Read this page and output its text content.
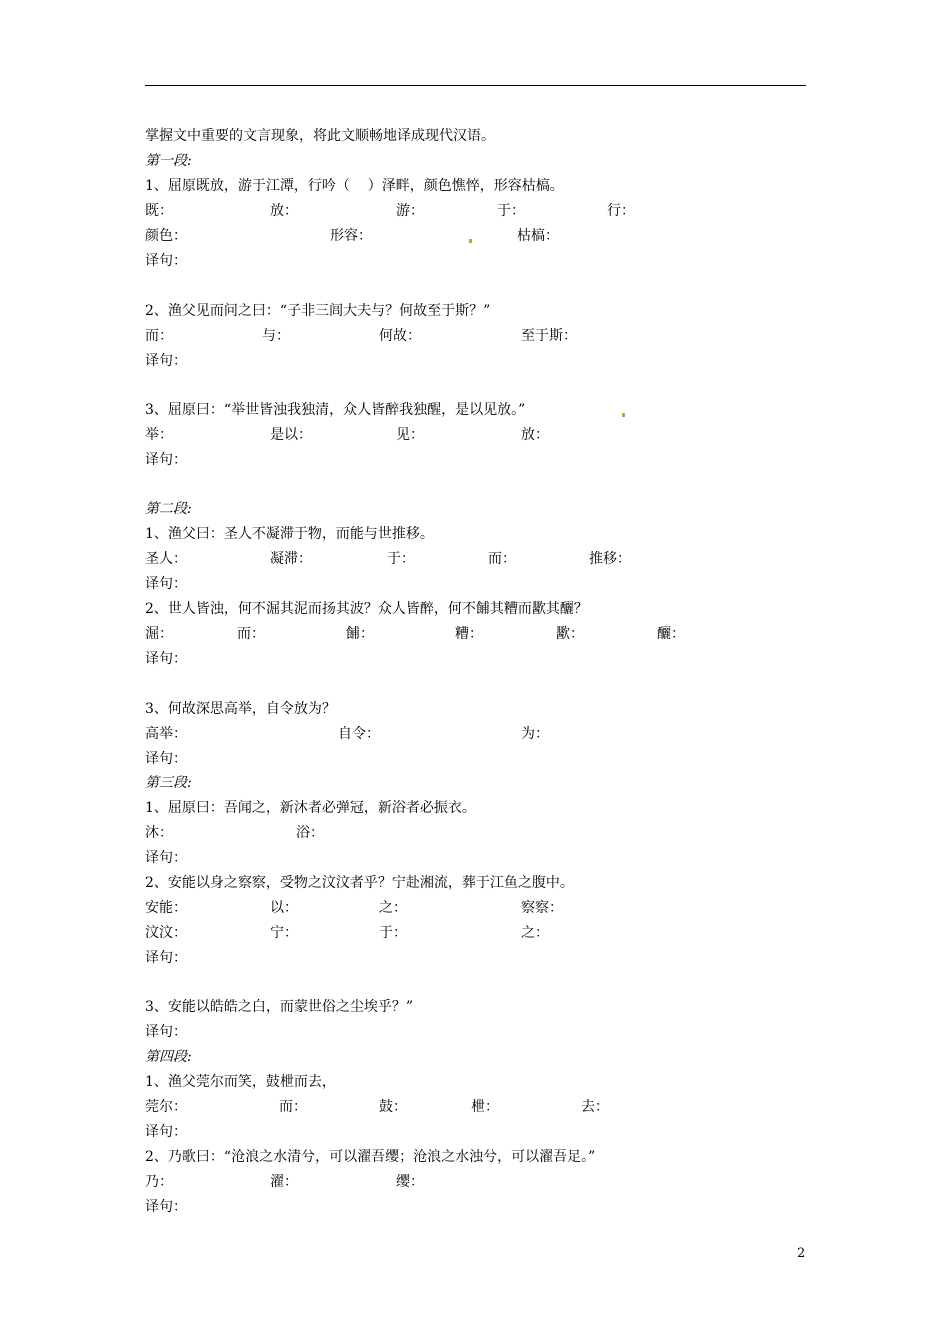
掌握文中重要的文言现象，将此文顺畅地译成现代汉语。
第一段:
1、屈原既放，游于江潭，行吟（    ）泽畔，颜色憔悴，形容枯槁。
既：	放：	游：	于：	行：
颜色：	形容：	枯槁：
译句：
2、渔父见而问之曰：“子非三闾大夫与？何故至于斯？”
而：	与：	何故：	至于斯：
译句：
3、屈原曰：“举世皆浊我独清，众人皆醉我独醒，是以见放。”
举：	是以：	见：	放：
译句：
第二段:
1、渔父曰：圣人不凝滞于物，而能与世推移。
圣人：	凝滞：	于：	而：	推移：
译句：
2、世人皆浊，何不淈其泥而扬其波？众人皆醉，何不餔其糟而歠其釃？
淈：	而：	餔：	糟：	歠：	釃：
译句：
3、何故深思高举，自令放为？
高举：	自令：	为：
译句：
第三段:
1、屈原曰：吾闻之，新沐者必弹冠，新浴者必振衣。
沐：	浴：
译句：
2、安能以身之察察，受物之汶汶者乎？宁赴湘流，葬于江鱼之腹中。
安能：	以：	之：	察察：
汶汶：	宁：	于：	之：
译句：
3、安能以皓皓之白，而蒙世俗之尘埃乎？”
译句：
第四段:
1、渔父莞尔而笑，鼓枻而去，
莞尔：	而：	鼓：	枻：	去：
译句：
2、乃歌曰：“沧浪之水清兮，可以濯吾缨；沧浪之水浊兮，可以濯吾足。”
乃：	濯：	缨：
译句：
2
